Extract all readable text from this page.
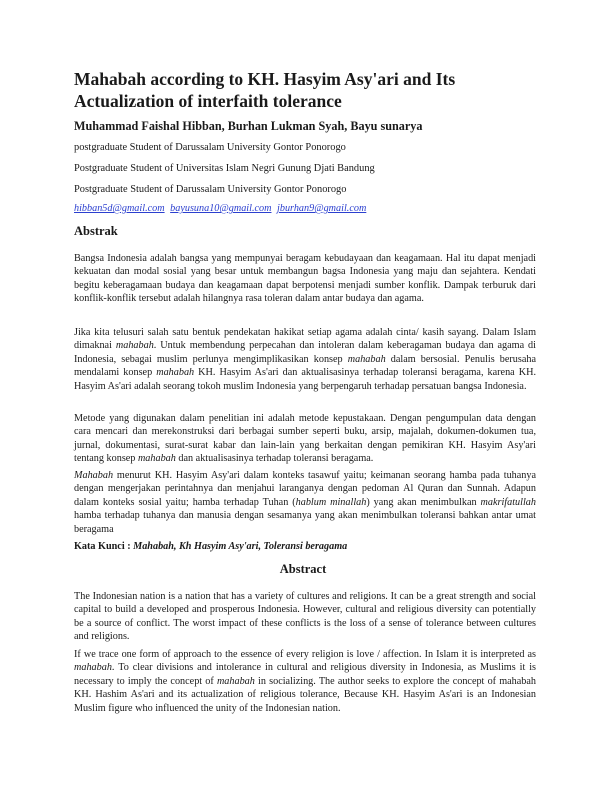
Mahabah according to KH. Hasyim Asy'ari and Its Actualization of interfaith tolerance
Muhammad Faishal Hibban, Burhan Lukman Syah, Bayu sunarya
postgraduate Student of Darussalam University Gontor Ponorogo
Postgraduate Student of Universitas Islam Negri Gunung Djati Bandung
Postgraduate Student of Darussalam University Gontor Ponorogo
hibban5d@gmail.com bayusuna10@gmail.com jburhan9@gmail.com
Abstrak

Bangsa Indonesia adalah bangsa yang mempunyai beragam kebudayaan dan keagamaan. Hal itu dapat menjadi kekuatan dan modal sosial yang besar untuk membangun bagsa Indonesia yang maju dan sejahtera. Kendati begitu keberagamaan budaya dan keagamaan dapat berpotensi menjadi sumber konflik. Dampak terburuk dari konflik-konflik tersebut adalah hilangnya rasa toleran dalam antar budaya dan agama.

Jika kita telusuri salah satu bentuk pendekatan hakikat setiap agama adalah cinta/ kasih sayang. Dalam Islam dimaknai mahabah. Untuk membendung perpecahan dan intoleran dalam keberagaman budaya dan agama di Indonesia, sebagai muslim perlunya mengimplikasikan konsep mahabah dalam bersosial. Penulis berusaha mendalami konsep mahabah KH. Hasyim As'ari dan aktualisasinya terhadap toleransi beragama, karena KH. Hasyim As'ari adalah seorang tokoh muslim Indonesia yang berpengaruh terhadap persatuan bangsa Indonesia.

Metode yang digunakan dalam penelitian ini adalah metode kepustakaan. Dengan pengumpulan data dengan cara mencari dan merekonstruksi dari berbagai sumber seperti buku, arsip, majalah, dokumen-dokumen tua, jurnal, dokumentasi, surat-surat kabar dan lain-lain yang berkaitan dengan pemikiran KH. Hasyim Asy'ari tentang konsep mahabah dan aktualisasinya terhadap toleransi beragama.

Mahabah menurut KH. Hasyim Asy'ari dalam konteks tasawuf yaitu; keimanan seorang hamba pada tuhanya dengan mengerjakan perintahnya dan menjahui laranganya dengan pedoman Al Quran dan Sunnah. Adapun dalam konteks sosial yaitu; hamba terhadap Tuhan (hablum minallah) yang akan menimbulkan makrifatullah hamba terhadap tuhanya dan manusia dengan sesamanya yang akan menimbulkan toleransi bahkan antar umat beragama

Kata Kunci : Mahabah, Kh Hasyim Asy'ari, Toleransi beragama
Abstract

The Indonesian nation is a nation that has a variety of cultures and religions. It can be a great strength and social capital to build a developed and prosperous Indonesia. However, cultural and religious diversity can potentially be a source of conflict. The worst impact of these conflicts is the loss of a sense of tolerance between cultures and religions.

If we trace one form of approach to the essence of every religion is love / affection. In Islam it is interpreted as mahabah. To clear divisions and intolerance in cultural and religious diversity in Indonesia, as Muslims it is necessary to imply the concept of mahabah in socializing. The author seeks to explore the concept of mahabah KH. Hashim As'ari and its actualization of religious tolerance, Because KH. Hasyim As'ari is an Indonesian Muslim figure who influenced the unity of the Indonesian nation.
